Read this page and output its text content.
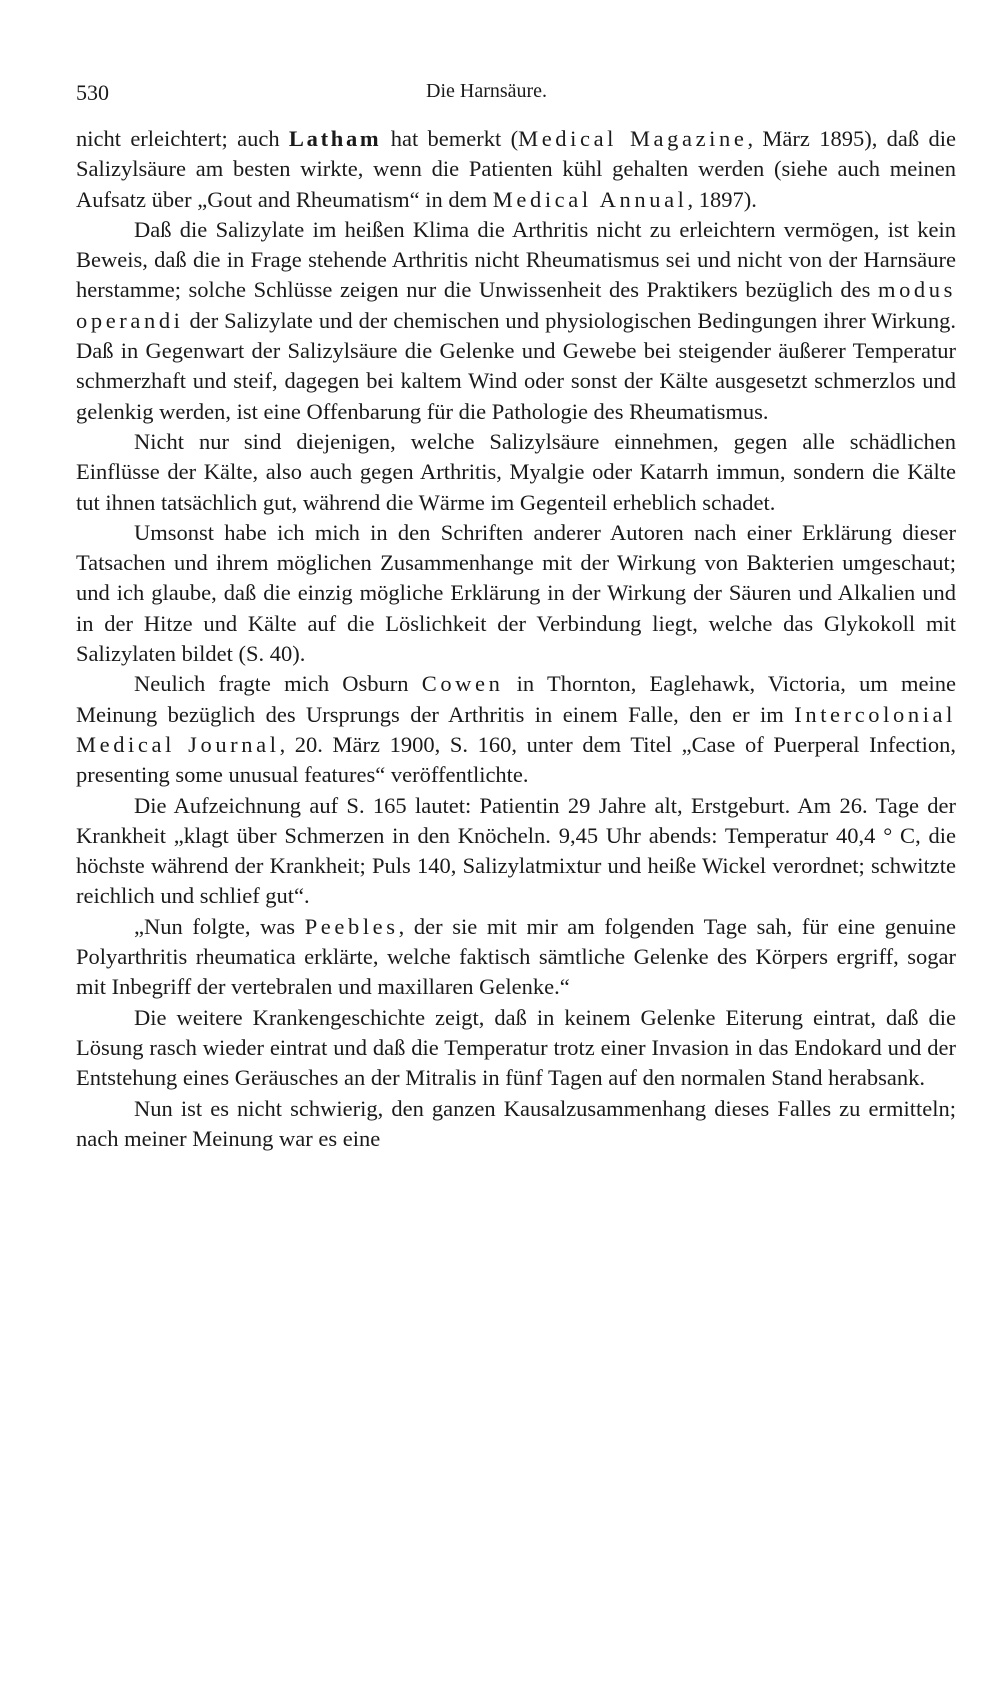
530	Die Harnsäure.

nicht erleichtert; auch Latham hat bemerkt (Medical Magazine, März 1895), daß die Salizylsäure am besten wirkte, wenn die Patienten kühl gehalten werden (siehe auch meinen Aufsatz über „Gout and Rheumatism“ in dem Medical Annual, 1897).

Daß die Salizylate im heißen Klima die Arthritis nicht zu erleichtern vermögen, ist kein Beweis, daß die in Frage stehende Arthritis nicht Rheumatismus sei und nicht von der Harnsäure herstamme; solche Schlüsse zeigen nur die Unwissenheit des Praktikers bezüglich des modus operandi der Salizylate und der chemischen und physiologischen Bedingungen ihrer Wirkung. Daß in Gegenwart der Salizylsäure die Gelenke und Gewebe bei steigender äußerer Temperatur schmerzhaft und steif, dagegen bei kaltem Wind oder sonst der Kälte ausgesetzt schmerzlos und gelenkig werden, ist eine Offenbarung für die Pathologie des Rheumatismus.

Nicht nur sind diejenigen, welche Salizylsäure einnehmen, gegen alle schädlichen Einflüsse der Kälte, also auch gegen Arthritis, Myalgie oder Katarrh immun, sondern die Kälte tut ihnen tatsächlich gut, während die Wärme im Gegenteil erheblich schadet.

Umsonst habe ich mich in den Schriften anderer Autoren nach einer Erklärung dieser Tatsachen und ihrem möglichen Zusammenhange mit der Wirkung von Bakterien umgeschaut; und ich glaube, daß die einzig mögliche Erklärung in der Wirkung der Säuren und Alkalien und in der Hitze und Kälte auf die Löslichkeit der Verbindung liegt, welche das Glykokoll mit Salizylaten bildet (S. 40).

Neulich fragte mich Osburn Cowen in Thornton, Eaglehawk, Victoria, um meine Meinung bezüglich des Ursprungs der Arthritis in einem Falle, den er im Intercolonial Medical Journal, 20. März 1900, S. 160, unter dem Titel „Case of Puerperal Infection, presenting some unusual features“ veröffentlichte.

Die Aufzeichnung auf S. 165 lautet: Patientin 29 Jahre alt, Erstgeburt. Am 26. Tage der Krankheit „klagt über Schmerzen in den Knöcheln. 9,45 Uhr abends: Temperatur 40,4 ° C, die höchste während der Krankheit; Puls 140, Salizylatmixtur und heiße Wickel verordnet; schwitzte reichlich und schlief gut“.

„Nun folgte, was Peebles, der sie mit mir am folgenden Tage sah, für eine genuine Polyarthritis rheumatica erklärte, welche faktisch sämtliche Gelenke des Körpers ergriff, sogar mit Inbegriff der vertebralen und maxillaren Gelenke.“

Die weitere Krankengeschichte zeigt, daß in keinem Gelenke Eiterung eintrat, daß die Lösung rasch wieder eintrat und daß die Temperatur trotz einer Invasion in das Endokard und der Entstehung eines Geräusches an der Mitralis in fünf Tagen auf den normalen Stand herabsank.

Nun ist es nicht schwierig, den ganzen Kausalzusammenhang dieses Falles zu ermitteln; nach meiner Meinung war es eine
